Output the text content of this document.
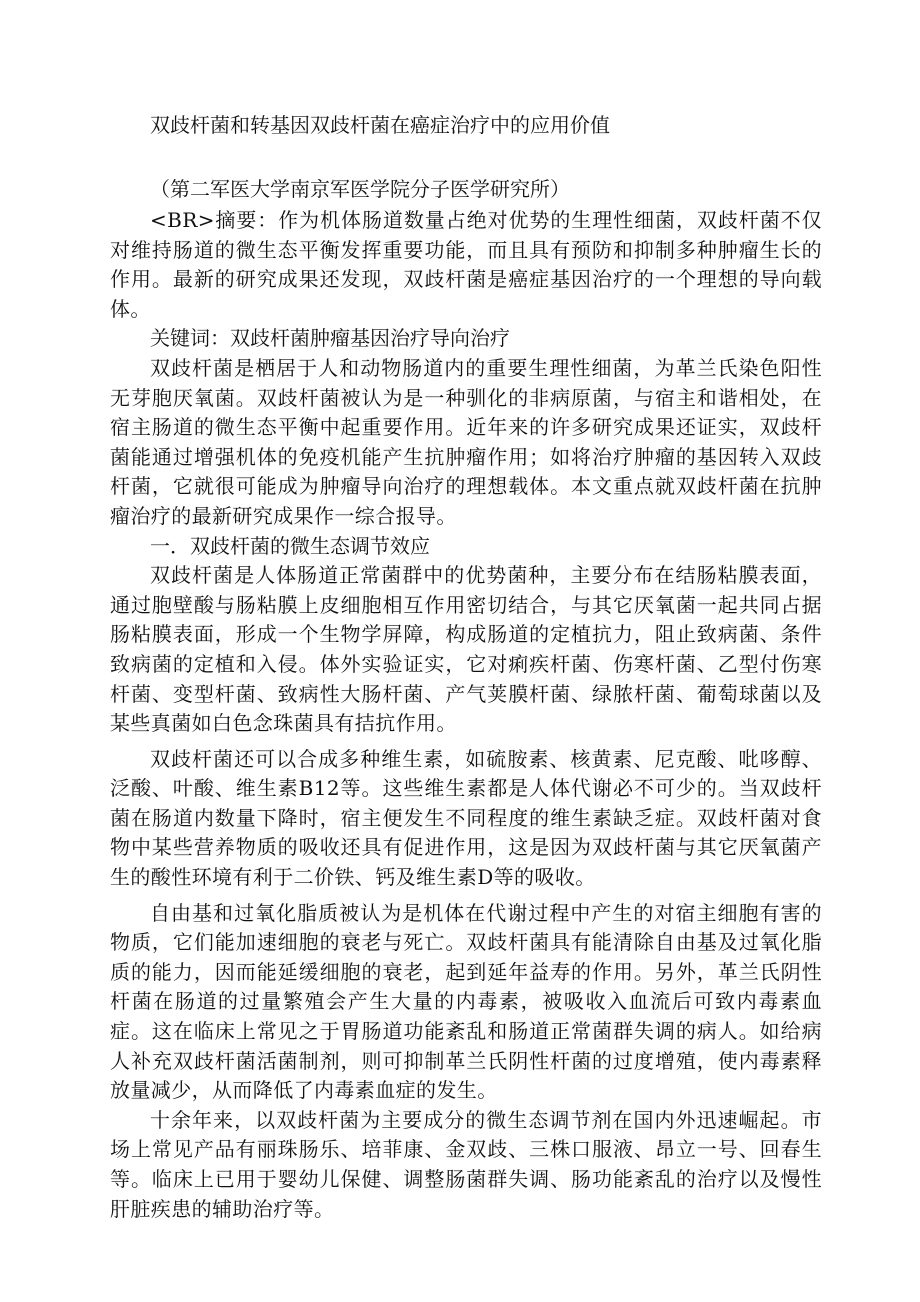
双歧杆菌和转基因双歧杆菌在癌症治疗中的应用价值

（第二军医大学南京军医学院分子医学研究所）

<BR>摘要：作为机体肠道数量占绝对优势的生理性细菌，双歧杆菌不仅对维持肠道的微生态平衡发挥重要功能，而且具有预防和抑制多种肿瘤生长的作用。最新的研究成果还发现，双歧杆菌是癌症基因治疗的一个理想的导向载体。

关键词：双歧杆菌肿瘤基因治疗导向治疗

双歧杆菌是栖居于人和动物肠道内的重要生理性细菌，为革兰氏染色阳性无芽胞厌氧菌。双歧杆菌被认为是一种驯化的非病原菌，与宿主和谐相处，在宿主肠道的微生态平衡中起重要作用。近年来的许多研究成果还证实，双歧杆菌能通过增强机体的免疫机能产生抗肿瘤作用；如将治疗肿瘤的基因转入双歧杆菌，它就很可能成为肿瘤导向治疗的理想载体。本文重点就双歧杆菌在抗肿瘤治疗的最新研究成果作一综合报导。

一．双歧杆菌的微生态调节效应

双歧杆菌是人体肠道正常菌群中的优势菌种，主要分布在结肠粘膜表面，通过胞壁酸与肠粘膜上皮细胞相互作用密切结合，与其它厌氧菌一起共同占据肠粘膜表面，形成一个生物学屏障，构成肠道的定植抗力，阻止致病菌、条件致病菌的定植和入侵。体外实验证实，它对痢疾杆菌、伤寒杆菌、乙型付伤寒杆菌、变型杆菌、致病性大肠杆菌、产气荚膜杆菌、绿脓杆菌、葡萄球菌以及某些真菌如白色念珠菌具有拮抗作用。

双歧杆菌还可以合成多种维生素，如硫胺素、核黄素、尼克酸、吡哆醇、泛酸、叶酸、维生素B12等。这些维生素都是人体代谢必不可少的。当双歧杆菌在肠道内数量下降时，宿主便发生不同程度的维生素缺乏症。双歧杆菌对食物中某些营养物质的吸收还具有促进作用，这是因为双歧杆菌与其它厌氧菌产生的酸性环境有利于二价铁、钙及维生素D等的吸收。

自由基和过氧化脂质被认为是机体在代谢过程中产生的对宿主细胞有害的物质，它们能加速细胞的衰老与死亡。双歧杆菌具有能清除自由基及过氧化脂质的能力，因而能延缓细胞的衰老，起到延年益寿的作用。另外，革兰氏阴性杆菌在肠道的过量繁殖会产生大量的内毒素，被吸收入血流后可致内毒素血症。这在临床上常见之于胃肠道功能紊乱和肠道正常菌群失调的病人。如给病人补充双歧杆菌活菌制剂，则可抑制革兰氏阴性杆菌的过度增殖，使内毒素释放量减少，从而降低了内毒素血症的发生。

十余年来，以双歧杆菌为主要成分的微生态调节剂在国内外迅速崛起。市场上常见产品有丽珠肠乐、培菲康、金双歧、三株口服液、昂立一号、回春生等。临床上已用于婴幼儿保健、调整肠菌群失调、肠功能紊乱的治疗以及慢性肝脏疾患的辅助治疗等。
